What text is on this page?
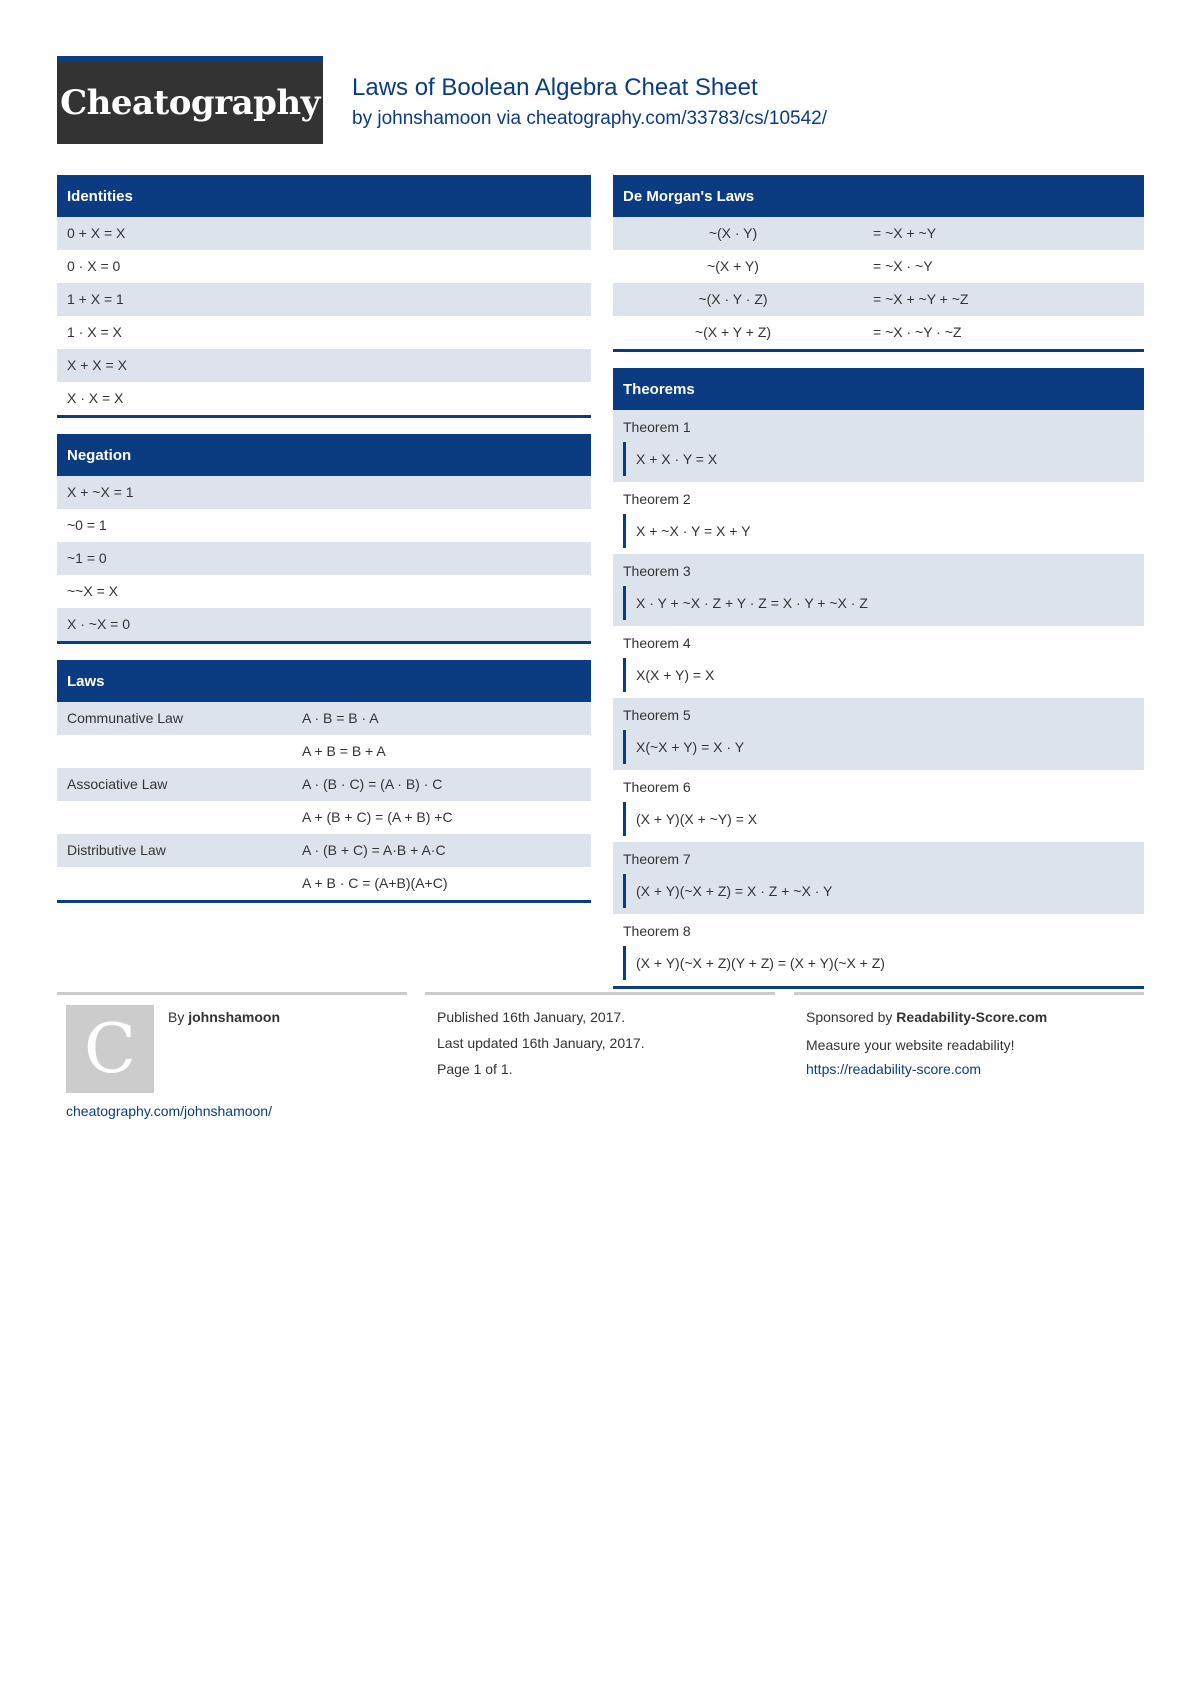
Cheatography Laws of Boolean Algebra Cheat Sheet
by johnshamoon via cheatography.com/33783/cs/10542/
Identities
0 + X = X
0 · X = 0
1 + X = 1
1 · X = X
X + X = X
X · X = X
Negation
X + ~X = 1
~0 = 1
~1 = 0
~~X = X
X · ~X = 0
Laws
Communative Law	A · B = B · A
A + B = B + A
Associative Law	A · (B · C) = (A · B) · C
A + (B + C) = (A + B) +C
Distributive Law	A · (B + C) = A·B + A·C
A + B · C = (A+B)(A+C)
De Morgan's Laws
~(X · Y)	= ~X + ~Y
~(X + Y)	= ~X · ~Y
~(X · Y · Z)	= ~X + ~Y + ~Z
~(X + Y + Z)	= ~X · ~Y · ~Z
Theorems
Theorem 1
X + X · Y = X
Theorem 2
X + ~X · Y = X + Y
Theorem 3
X · Y + ~X · Z + Y · Z = X · Y + ~X · Z
Theorem 4
X(X + Y) = X
Theorem 5
X(~X + Y) = X · Y
Theorem 6
(X + Y)(X + ~Y) = X
Theorem 7
(X + Y)(~X + Z) = X · Z + ~X · Y
Theorem 8
(X + Y)(~X + Z)(Y + Z) = (X + Y)(~X + Z)
C By johnshamoon
cheatography.com/johnshamoon/
Published 16th January, 2017.
Last updated 16th January, 2017.
Page 1 of 1.
Sponsored by Readability-Score.com
Measure your website readability!
https://readability-score.com
